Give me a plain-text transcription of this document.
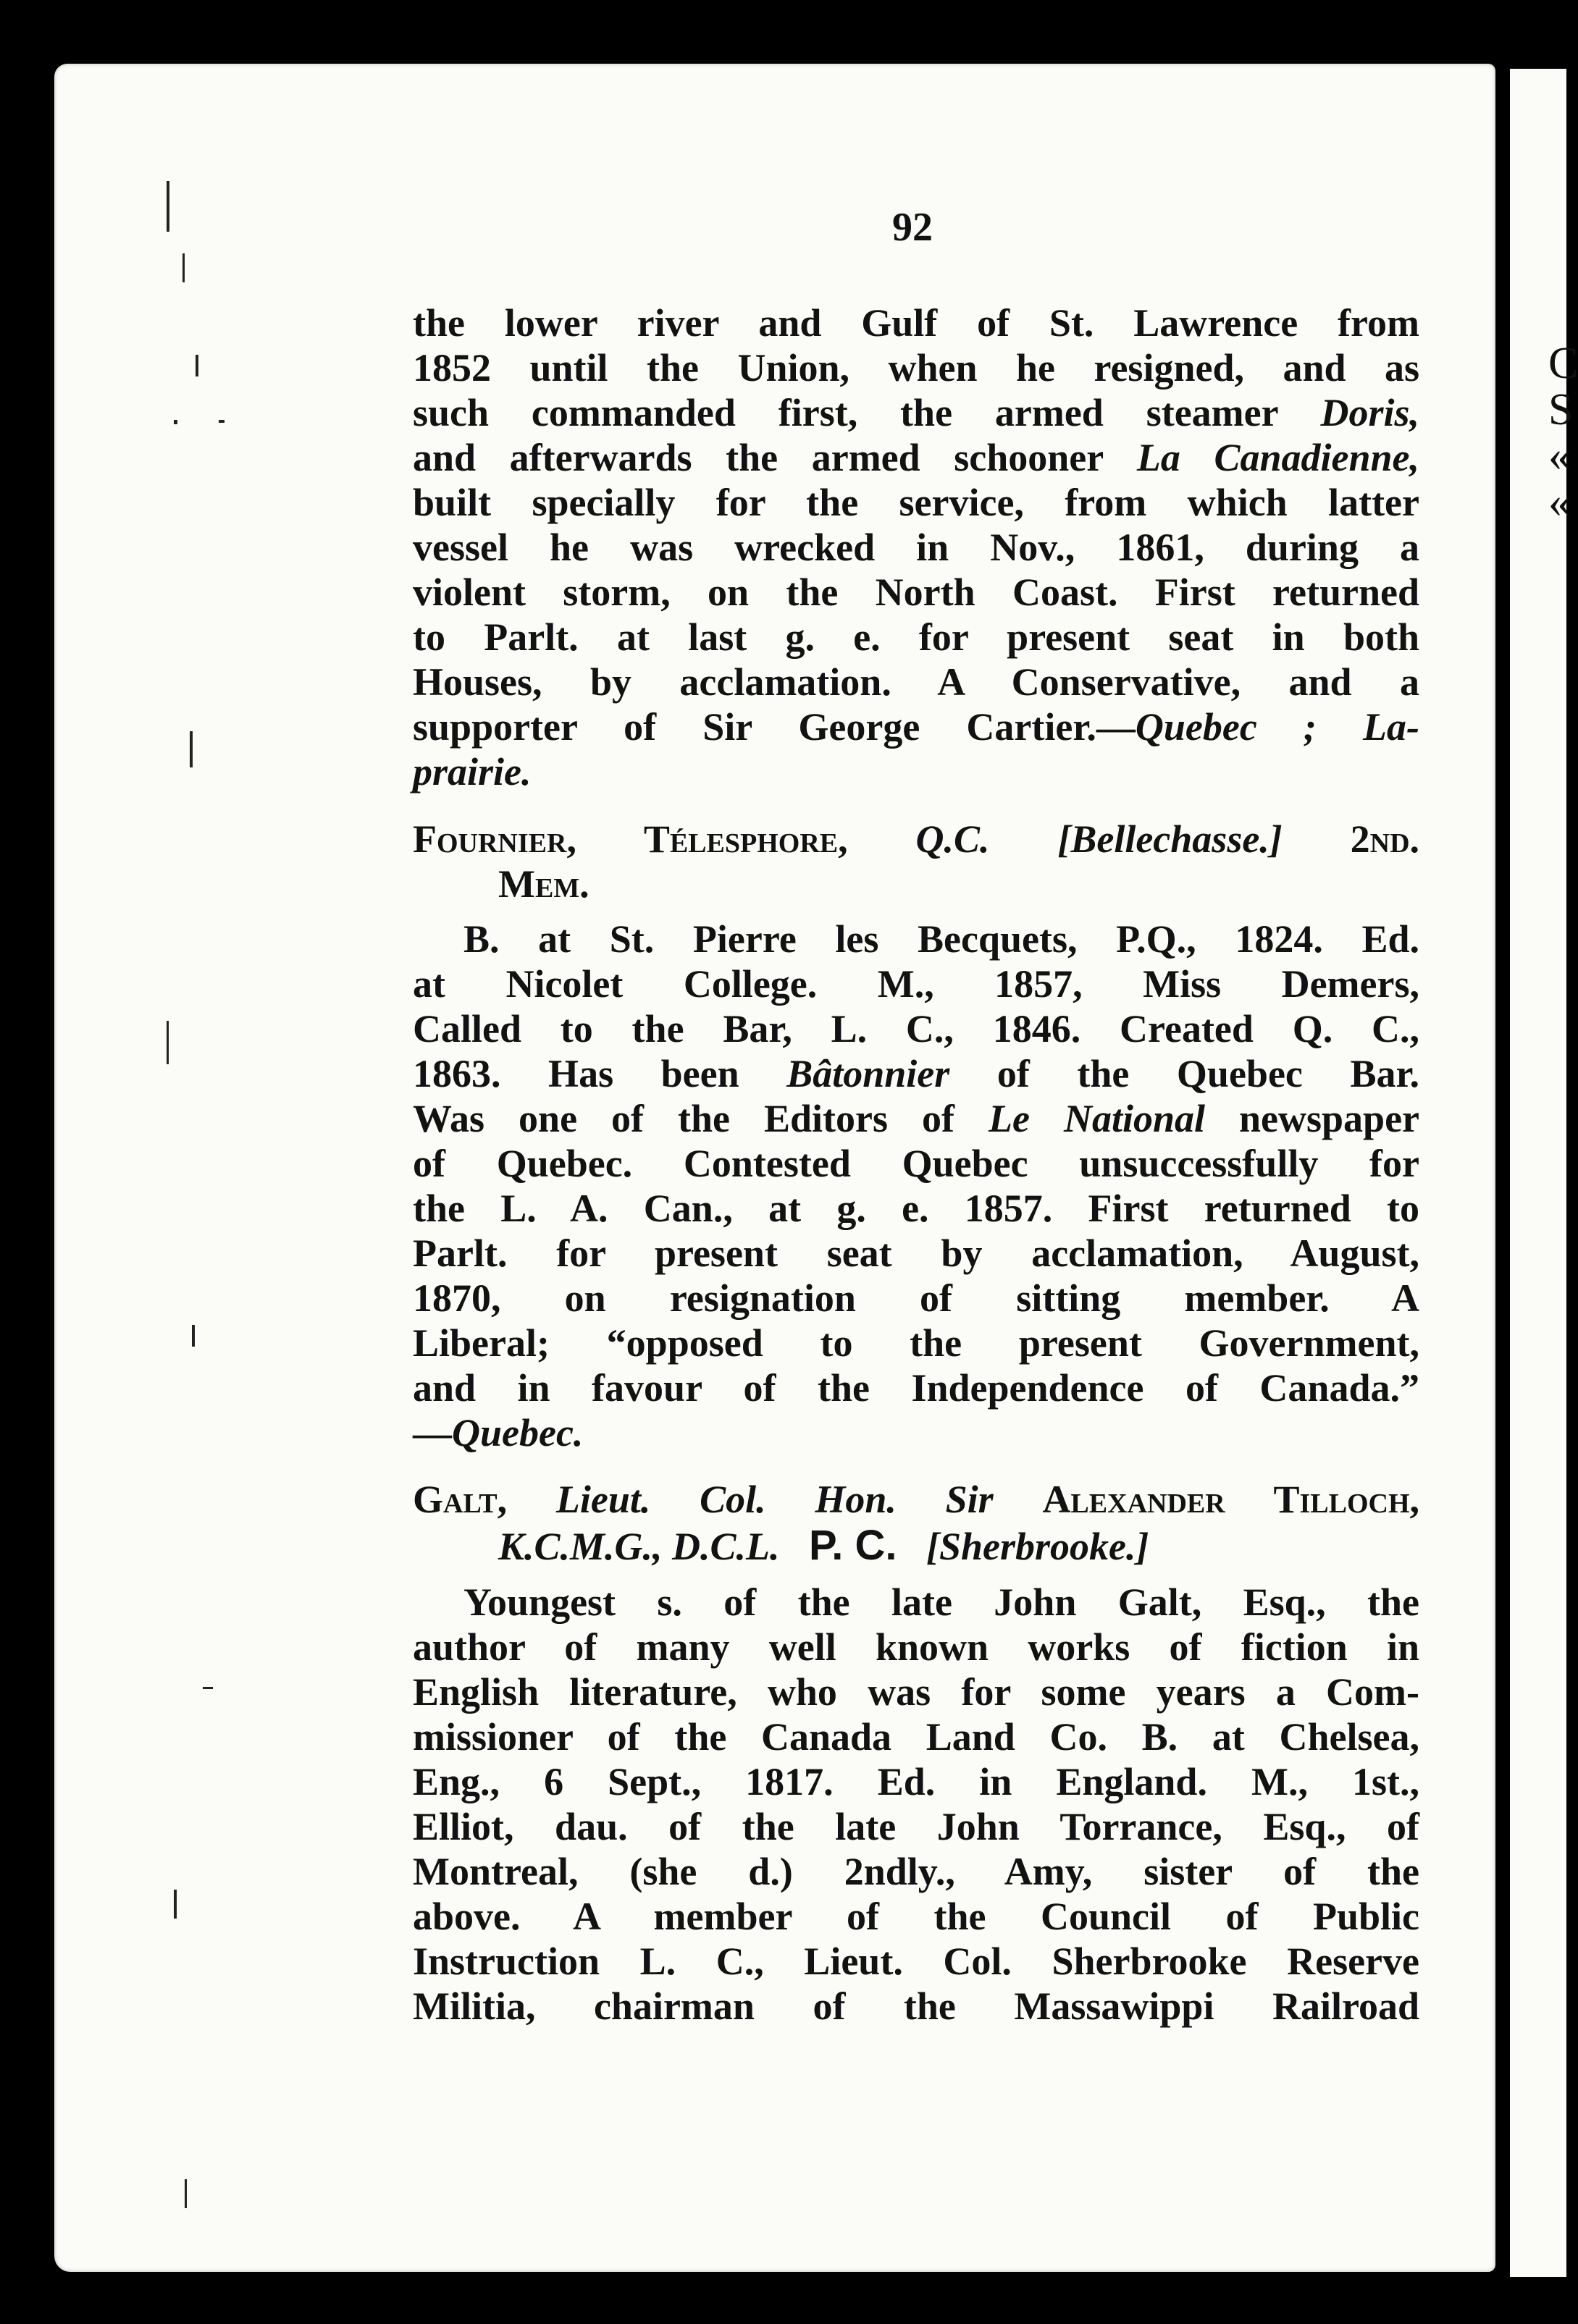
C
S
«
«
92
the lower river and Gulf of St. Lawrence from
1852 until the Union, when he resigned, and as
such commanded first, the armed steamer Doris,
and afterwards the armed schooner La Canadienne,
built specially for the service, from which latter
vessel he was wrecked in Nov., 1861, during a
violent storm, on the North Coast. First returned
to Parlt. at last g. e. for present seat in both
Houses, by acclamation. A Conservative, and a
supporter of Sir George Cartier.—Quebec ; La-
prairie.
Fournier, Télesphore, Q.C. [Bellechasse.] 2nd.
Mem.
B. at St. Pierre les Becquets, P.Q., 1824. Ed.
at Nicolet College. M., 1857, Miss Demers,
Called to the Bar, L. C., 1846. Created Q. C.,
1863. Has been Bâtonnier of the Quebec Bar.
Was one of the Editors of Le National newspaper
of Quebec. Contested Quebec unsuccessfully for
the L. A. Can., at g. e. 1857. First returned to
Parlt. for present seat by acclamation, August,
1870, on resignation of sitting member. A
Liberal; “opposed to the present Government,
and in favour of the Independence of Canada.”
—Quebec.
Galt, Lieut. Col. Hon. Sir Alexander Tilloch,
K.C.M.G., D.C.L. P. C. [Sherbrooke.]
Youngest s. of the late John Galt, Esq., the
author of many well known works of fiction in
English literature, who was for some years a Com-
missioner of the Canada Land Co. B. at Chelsea,
Eng., 6 Sept., 1817. Ed. in England. M., 1st.,
Elliot, dau. of the late John Torrance, Esq., of
Montreal, (she d.) 2ndly., Amy, sister of the
above. A member of the Council of Public
Instruction L. C., Lieut. Col. Sherbrooke Reserve
Militia, chairman of the Massawippi Railroad
